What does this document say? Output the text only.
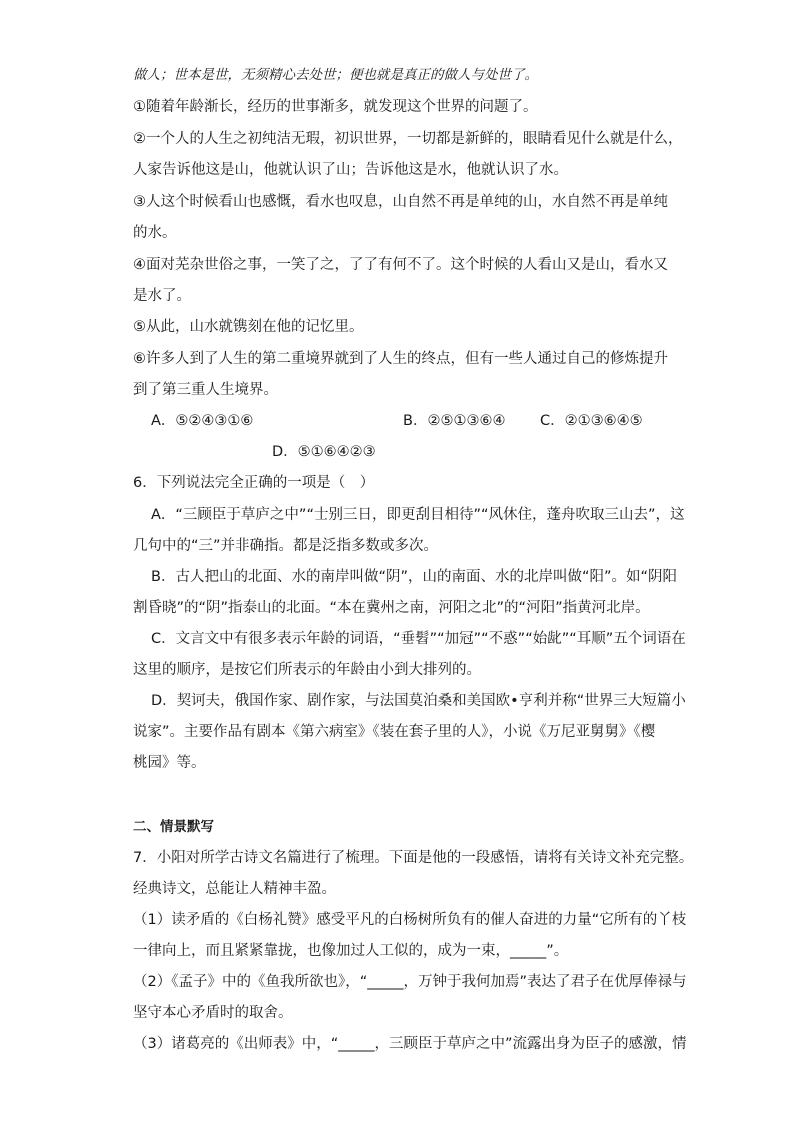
做人；世本是世，无须精心去处世；便也就是真正的做人与处世了。
①随着年龄渐长，经历的世事渐多，就发现这个世界的问题了。
②一个人的人生之初纯洁无瑕，初识世界，一切都是新鲜的，眼睛看见什么就是什么，
人家告诉他这是山，他就认识了山；告诉他这是水，他就认识了水。
③人这个时候看山也感慨，看水也叹息，山自然不再是单纯的山，水自然不再是单纯
的水。
④面对芜杂世俗之事，一笑了之，了了有何不了。这个时候的人看山又是山，看水又
是水了。
⑤从此，山水就镌刻在他的记忆里。
⑥许多人到了人生的第二重境界就到了人生的终点，但有一些人通过自己的修炼提升
到了第三重人生境界。
A．⑤②④③①⑥	B．②⑤①③⑥④ C．②①③⑥④⑤
D．⑤①⑥④②③
6．下列说法完全正确的一项是（　）
A．“三顾臣于草庐之中”“士别三日，即更刮目相待”“风休住，蓬舟吹取三山去”，这
几句中的“三”并非确指。都是泛指多数或多次。
B．古人把山的北面、水的南岸叫做“阴”，山的南面、水的北岸叫做“阳”。如“阴阳
割昏晓”的“阴”指泰山的北面。“本在冀州之南，河阳之北”的“河阳”指黄河北岸。
C．文言文中有很多表示年龄的词语，“垂髫”“加冠”“不惑”“始龀”“耳顺”五个词语在
这里的顺序，是按它们所表示的年龄由小到大排列的。
D．契诃夫，俄国作家、剧作家，与法国莫泊桑和美国欧•亨利并称“世界三大短篇小
说家”。主要作品有剧本《第六病室》《装在套子里的人》，小说《万尼亚舅舅》《樱
桃园》等。
二、情景默写
7．小阳对所学古诗文名篇进行了梳理。下面是他的一段感悟，请将有关诗文补充完整。
经典诗文，总能让人精神丰盈。
（1）读矛盾的《白杨礼赞》感受平凡的白杨树所负有的催人奋进的力量“它所有的丫枝
一律向上，而且紧紧靠拢，也像加过人工似的，成为一束，_____”。
（2）《孟子》中的《鱼我所欲也》，“_____，万钟于我何加焉”表达了君子在优厚俸禄与
坚守本心矛盾时的取舍。
（3）诸葛亮的《出师表》中，“_____，三顾臣于草庐之中”流露出身为臣子的感激，情
